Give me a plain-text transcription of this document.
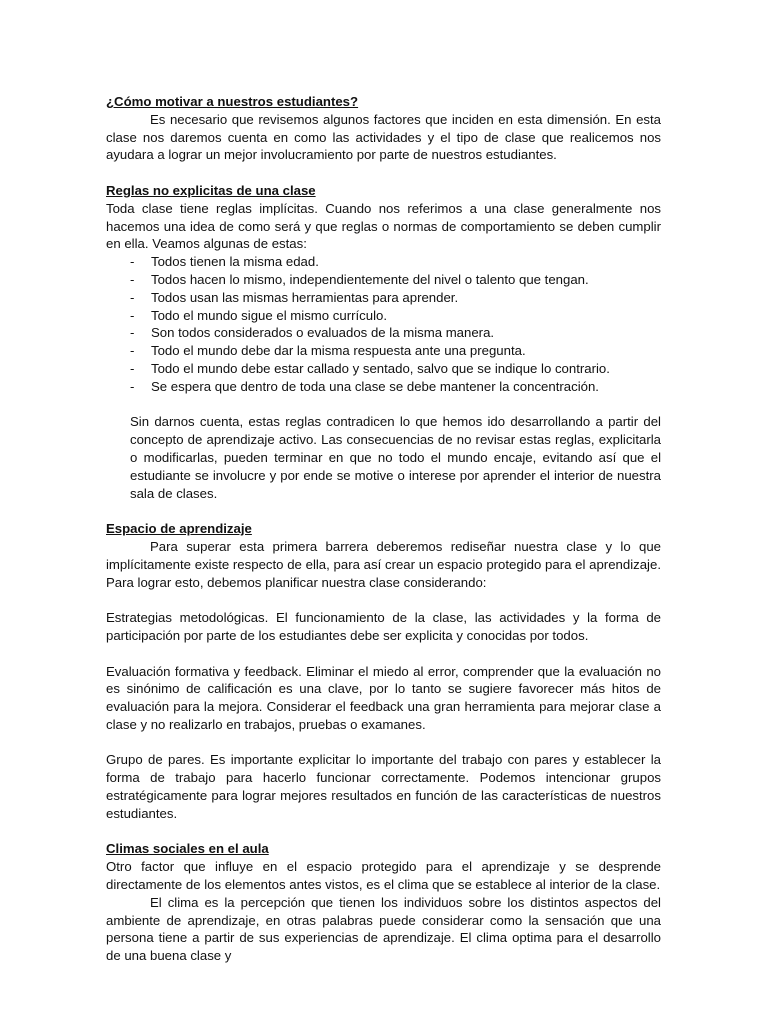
¿Cómo motivar a nuestros estudiantes?

Es necesario que revisemos algunos factores que inciden en esta dimensión. En esta clase nos daremos cuenta en como las actividades y el tipo de clase que realicemos nos ayudara a lograr un mejor involucramiento por parte de nuestros estudiantes.

Reglas no explicitas de una clase

Toda clase tiene reglas implícitas. Cuando nos referimos a una clase generalmente nos hacemos una idea de como será y que reglas o normas de comportamiento se deben cumplir en ella. Veamos algunas de estas:

- Todos tienen la misma edad.
- Todos hacen lo mismo, independientemente del nivel o talento que tengan.
- Todos usan las mismas herramientas para aprender.
- Todo el mundo sigue el mismo currículo.
- Son todos considerados o evaluados de la misma manera.
- Todo el mundo debe dar la misma respuesta ante una pregunta.
- Todo el mundo debe estar callado y sentado, salvo que se indique lo contrario.
- Se espera que dentro de toda una clase se debe mantener la concentración.

Sin darnos cuenta, estas reglas contradicen lo que hemos ido desarrollando a partir del concepto de aprendizaje activo. Las consecuencias de no revisar estas reglas, explicitarla o modificarlas, pueden terminar en que no todo el mundo encaje, evitando así que el estudiante se involucre y por ende se motive o interese por aprender el interior de nuestra sala de clases.

Espacio de aprendizaje

Para superar esta primera barrera deberemos rediseñar nuestra clase y lo que implícitamente existe respecto de ella, para así crear un espacio protegido para el aprendizaje. Para lograr esto, debemos planificar nuestra clase considerando:

Estrategias metodológicas. El funcionamiento de la clase, las actividades y la forma de participación por parte de los estudiantes debe ser explicita y conocidas por todos.

Evaluación formativa y feedback. Eliminar el miedo al error, comprender que la evaluación no es sinónimo de calificación es una clave, por lo tanto se sugiere favorecer más hitos de evaluación para la mejora. Considerar el feedback una gran herramienta para mejorar clase a clase y no realizarlo en trabajos, pruebas o examanes.

Grupo de pares. Es importante explicitar lo importante del trabajo con pares y establecer la forma de trabajo para hacerlo funcionar correctamente. Podemos intencionar grupos estratégicamente para lograr mejores resultados en función de las características de nuestros estudiantes.

Climas sociales en el aula

Otro factor que influye en el espacio protegido para el aprendizaje y se desprende directamente de los elementos antes vistos, es el clima que se establece al interior de la clase.

El clima es la percepción que tienen los individuos sobre los distintos aspectos del ambiente de aprendizaje, en otras palabras puede considerar como la sensación que una persona tiene a partir de sus experiencias de aprendizaje. El clima optima para el desarrollo de una buena clase y
